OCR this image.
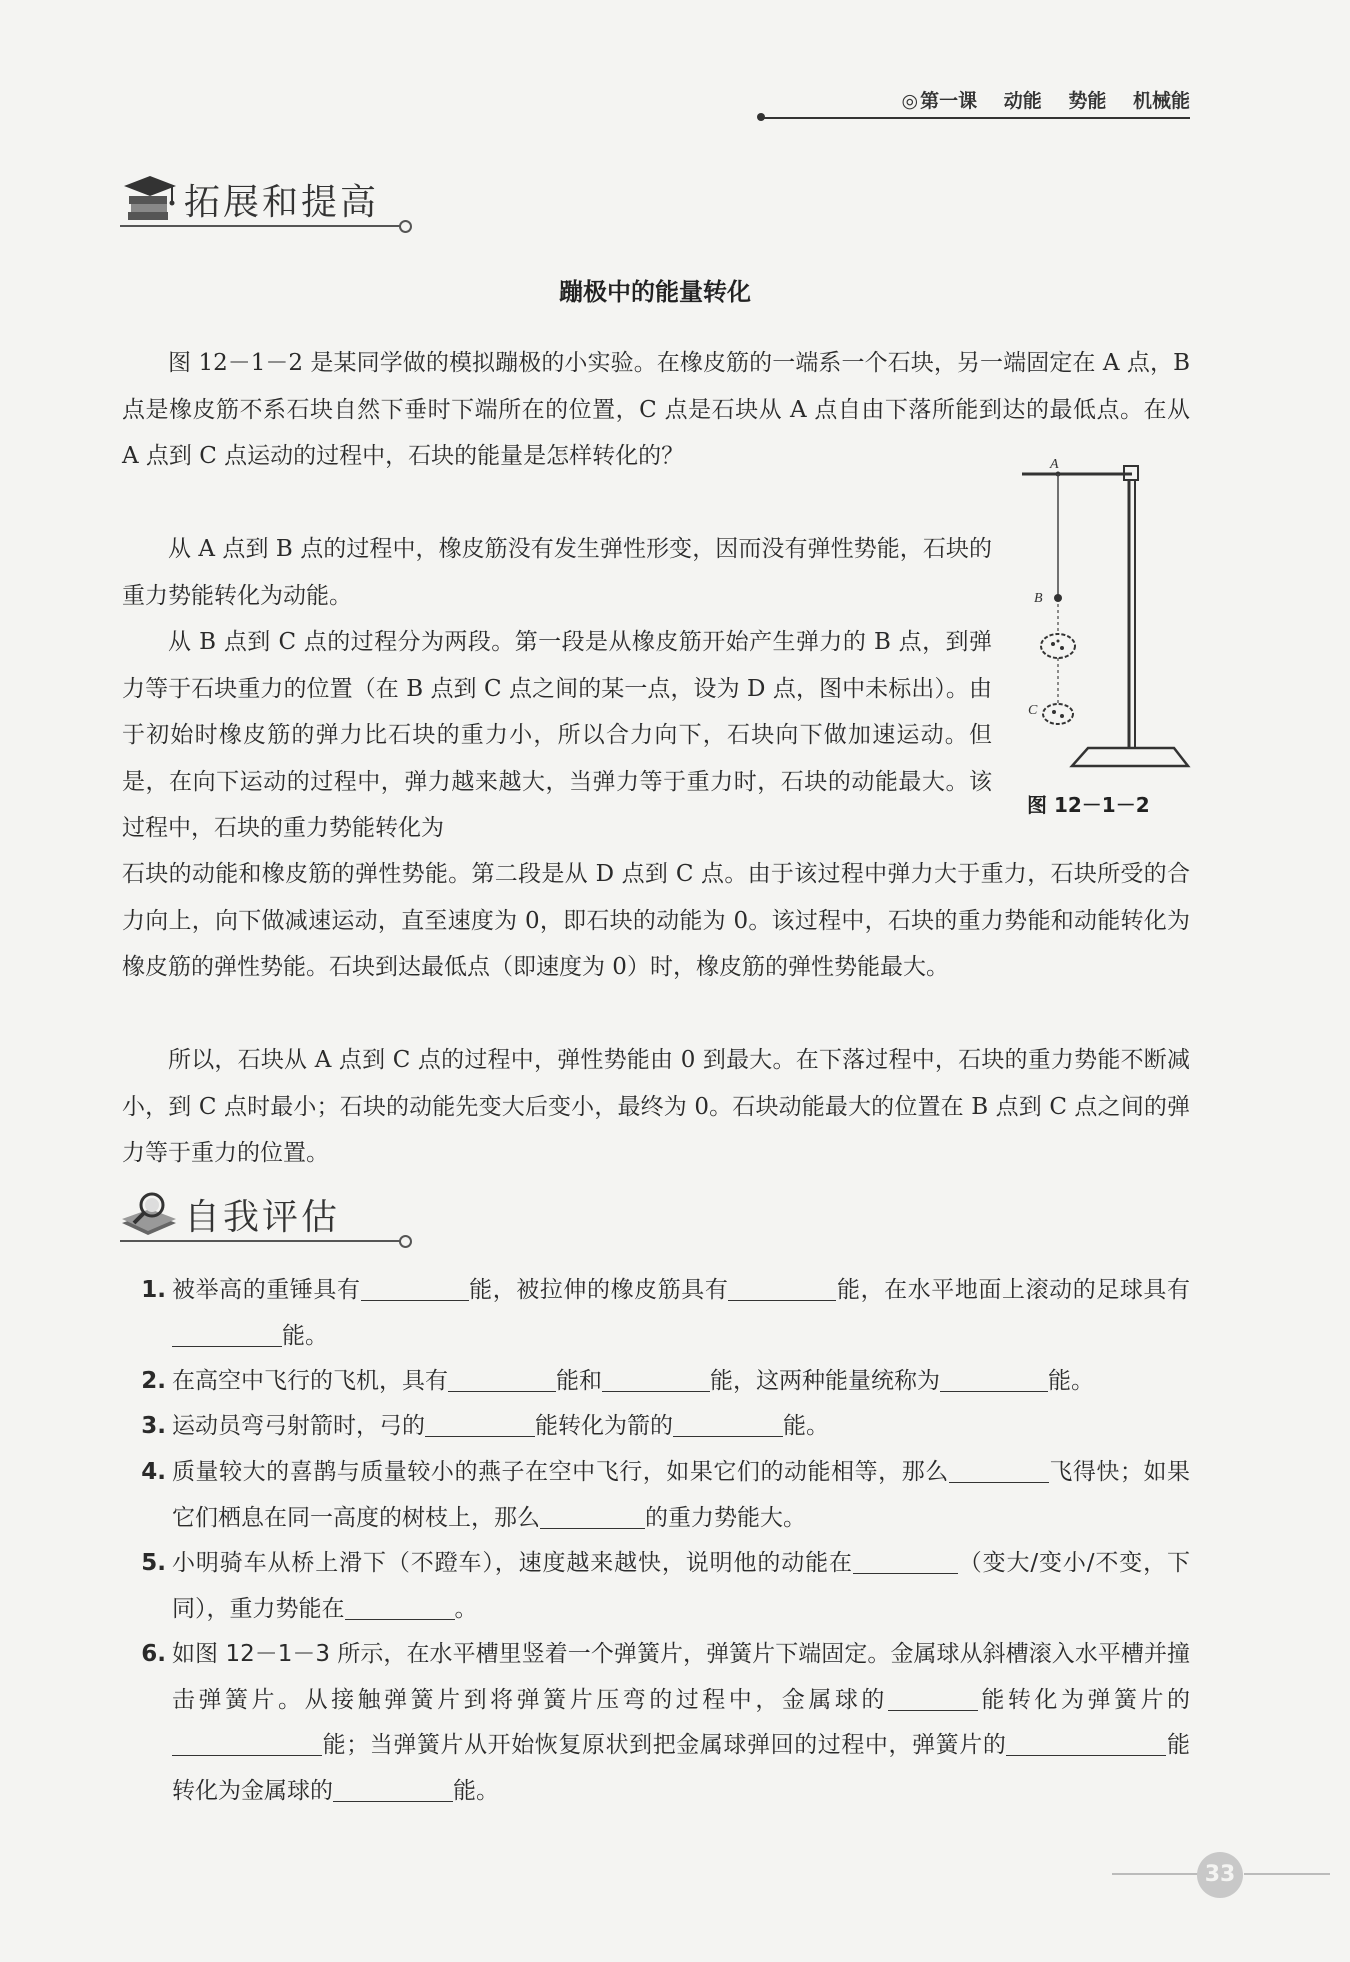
◎ 第一课 动能 势能 机械能
拓展和提高
蹦极中的能量转化
图 12－1－2 是某同学做的模拟蹦极的小实验。在橡皮筋的一端系一个石块，另一端固定在 A 点，B 点是橡皮筋不系石块自然下垂时下端所在的位置，C 点是石块从 A 点自由下落所能到达的最低点。在从 A 点到 C 点运动的过程中，石块的能量是怎样转化的？
从 A 点到 B 点的过程中，橡皮筋没有发生弹性形变，因而没有弹性势能，石块的重力势能转化为动能。
从 B 点到 C 点的过程分为两段。第一段是从橡皮筋开始产生弹力的 B 点，到弹力等于石块重力的位置（在 B 点到 C 点之间的某一点，设为 D 点，图中未标出）。由于初始时橡皮筋的弹力比石块的重力小，所以合力向下，石块向下做加速运动。但是，在向下运动的过程中，弹力越来越大，当弹力等于重力时，石块的动能最大。该过程中，石块的重力势能转化为
石块的动能和橡皮筋的弹性势能。第二段是从 D 点到 C 点。由于该过程中弹力大于重力，石块所受的合力向上，向下做减速运动，直至速度为 0，即石块的动能为 0。该过程中，石块的重力势能和动能转化为橡皮筋的弹性势能。石块到达最低点（即速度为 0）时，橡皮筋的弹性势能最大。
所以，石块从 A 点到 C 点的过程中，弹性势能由 0 到最大。在下落过程中，石块的重力势能不断减小，到 C 点时最小；石块的动能先变大后变小，最终为 0。石块动能最大的位置在 B 点到 C 点之间的弹力等于重力的位置。
A
B
C
图 12－1－2
自我评估
1. 被举高的重锤具有	能，被拉伸的橡皮筋具有	能，在水平地面上滚动的足球具有能。
2. 在高空中飞行的飞机，具有	能和	能，这两种能量统称为	能。
3. 运动员弯弓射箭时，弓的	能转化为箭的	能。
4. 质量较大的喜鹊与质量较小的燕子在空中飞行，如果它们的动能相等，那么	飞得快；如果它们栖息在同一高度的树枝上，那么	的重力势能大。
5. 小明骑车从桥上滑下（不蹬车），速度越来越快，说明他的动能在	（变大/变小/不变，下同），重力势能在	。
6. 如图 12－1－3 所示，在水平槽里竖着一个弹簧片，弹簧片下端固定。金属球从斜槽滚入水平槽并撞击弹簧片。从接触弹簧片到将弹簧片压弯的过程中，金属球的	能转化为弹簧片的能；当弹簧片从开始恢复原状到把金属球弹回的过程中，弹簧片的	能转化为金属球的	能。
33
